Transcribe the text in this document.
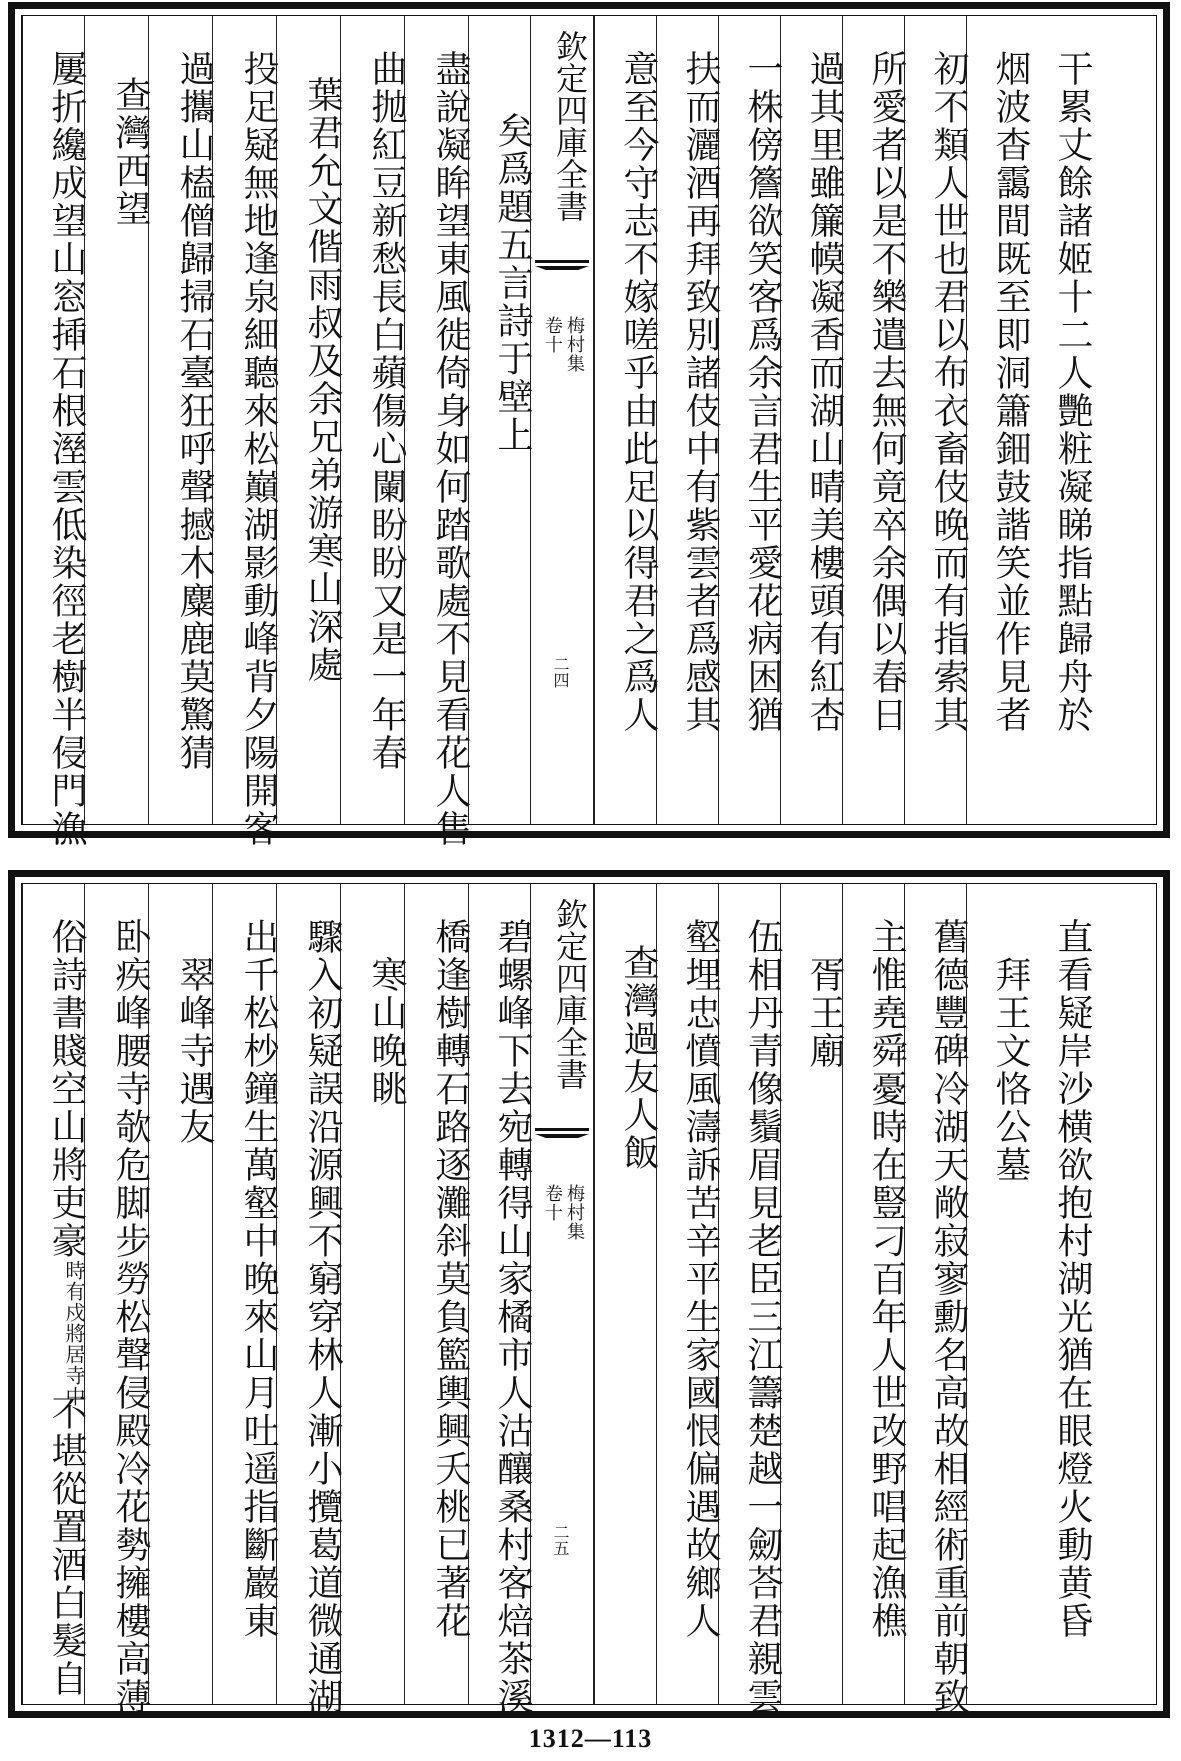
屢折纔成望山窓揷石根溼雲低染徑老樹半侵門漁 查灣西望 過攜山榼僧歸掃石臺狂呼聲撼木麋鹿莫驚猜 投足疑無地逢泉細聽來松巔湖影動峰背夕陽開客 葉君允文偕雨叔及余兄弟游寒山深處 曲抛紅豆新愁長白蘋傷心闌盼盼又是一年春 盡說凝眸望東風徙倚身如何踏歌處不見看花人售 矣爲題五言詩于壁上 欽定四庫全書
卷十 梅村集
二四	意至今守志不嫁嗟乎由此足以得君之爲人 扶而灑酒再拜致別諸伎中有紫雲者爲感其 一株傍簷欲笑客爲余言君生平愛花病困猶 過其里雖簾幙凝香而湖山晴美樓頭有紅杏 所愛者以是不樂遣去無何竟卒余偶以春日 初不類人世也君以布衣畜伎晚而有指索其 烟波杳靄間既至即洞簫鈿鼓諧笑並作見者 干累丈餘諸姬十二人艷粧凝睇指點歸舟於
俗詩書賤空山將吏豪
時有戍將居寺中
不堪從置酒白髮自 卧疾峰腰寺欹危脚步勞松聲侵殿冷花勢擁樓高薄 翠峰寺遇友 出千松杪鐘生萬壑中晚來山月吐遥指斷巖東 驟入初疑誤沿源興不窮穿林人漸小攬葛道微通湖 寒山晚眺 橋逢樹轉石路逐灘斜莫負籃輿興夭桃已著花 碧螺峰下去宛轉得山家橘市人沽釀桑村客焙茶溪 欽定四庫全書
卷十 梅村集
二五
查灣過友人飯 壑埋忠憤風濤訴苦辛平生家國恨偏遇故鄉人 伍相丹青像鬚眉見老臣三江籌楚越一劒荅君親雲 胥王廟 主惟堯舜憂時在豎刁百年人世改野唱起漁樵 舊德豐碑冷湖天敞寂寥勳名高故相經術重前朝致 拜王文恪公墓 直看疑岸沙横欲抱村湖光猶在眼燈火動黄昏
1312—113
